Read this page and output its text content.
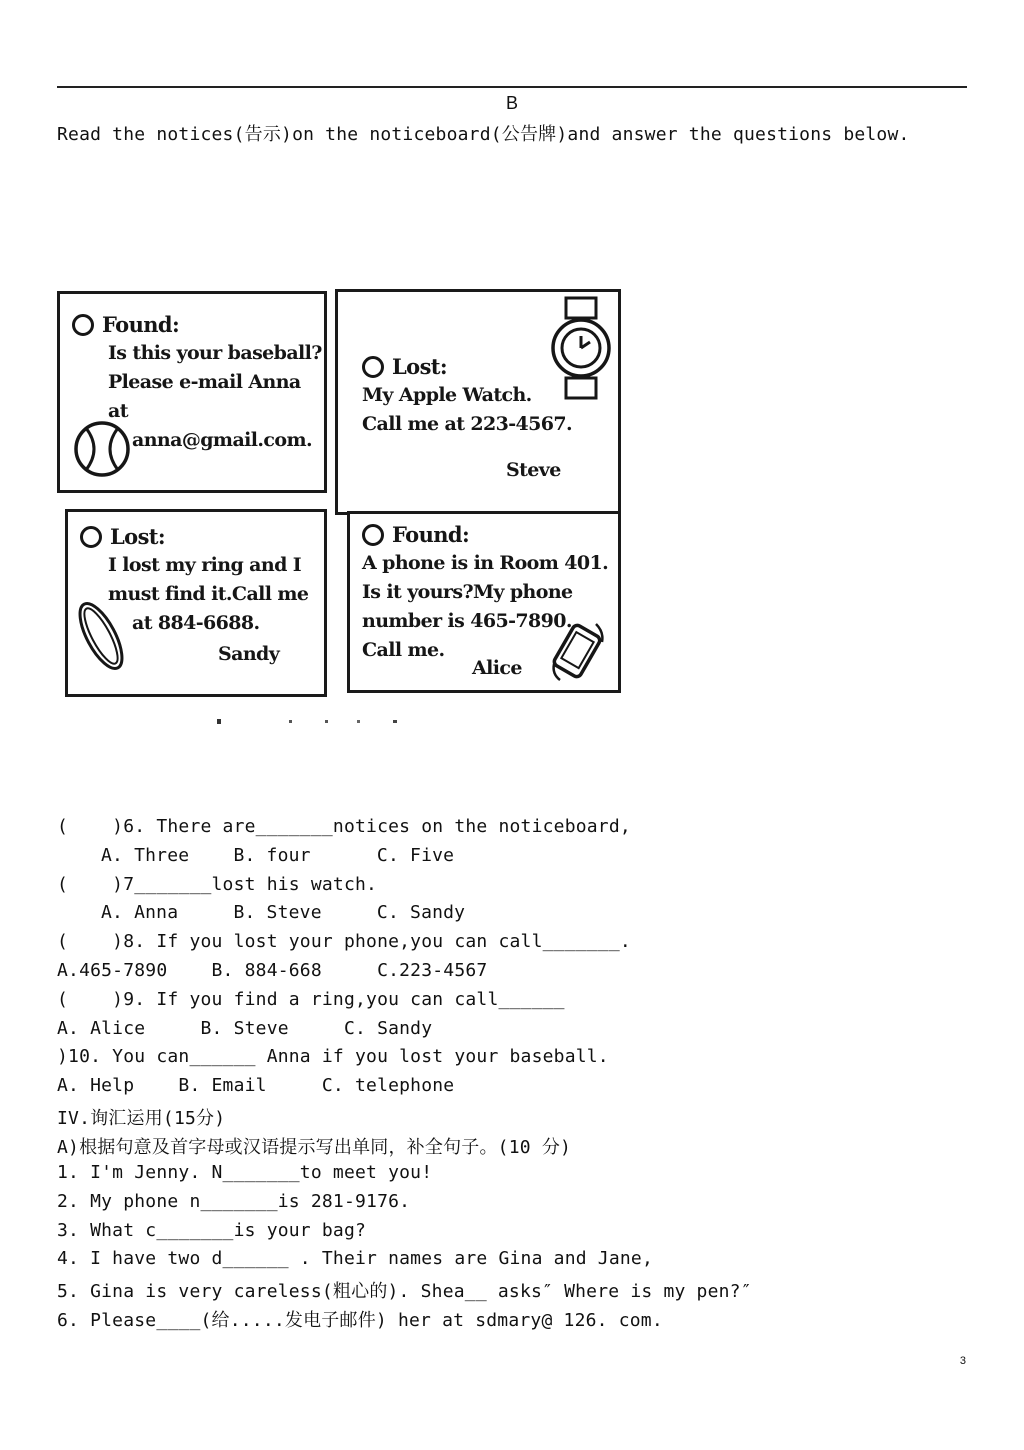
B
Read the notices(告示)on the noticeboard(公告牌)and answer the questions below.
Found:
Is this your baseball?
Please e-mail Anna at
anna@gmail.com.
Lost:
My Apple Watch.
Call me at 223-4567.
Steve
Lost:
I lost my ring and I
must find it.Call me
at 884-6688.
Sandy
Found:
A phone is in Room 401.
Is it yours?My phone
number is 465-7890.
Call me.
Alice
(    )6. There are_______notices on the noticeboard,
A. Three    B. four      C. Five
(    )7_______lost his watch.
A. Anna     B. Steve     C. Sandy
(    )8. If you lost your phone,you can call_______.
A.465-7890    B. 884-668     C.223-4567
(    )9. If you find a ring,you can call______
A. Alice     B. Steve     C. Sandy
)10. You can______ Anna if you lost your baseball.
A. Help    B. Email     C. telephone
IV.询汇运用(15分)
A)根据句意及首字母或汉语提示写出单同，补全句子。(10 分)
1. I'm Jenny. N_______to meet you!
2. My phone n_______is 281-9176.
3. What c_______is your bag?
4. I have two d______ . Their names are Gina and Jane,
5. Gina is very careless(粗心的). Shea__ asks″ Where is my pen?″
6. Please____(给.....发电子邮件) her at sdmary@ 126. com.
3
